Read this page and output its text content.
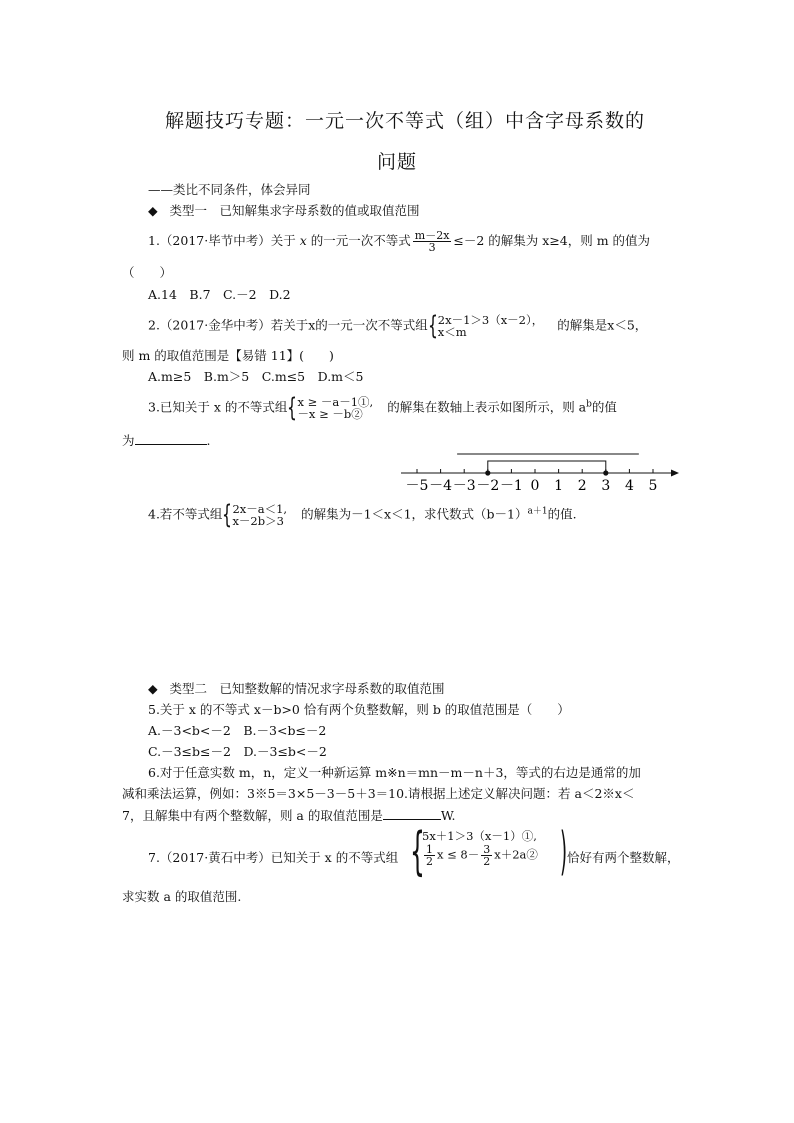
解题技巧专题：一元一次不等式（组）中含字母系数的
问题
——类比不同条件，体会异同
◆ 类型一　已知解集求字母系数的值或取值范围
1.（2017·毕节中考）关于 x 的一元一次不等式 $\frac{m-2x}{3} \le-2$ 的解集为 x≥4，则 m 的值为
（　　）
A.14　B.7　C.－2　D.2
2.（2017·金华中考）若关于x的一元一次不等式组 { 2x－1＞3（x－2），
x＜m	的解集是x＜5，
则 m 的取值范围是【易错 11】(　　)
A.m≥5　B.m＞5　C.m≤5　D.m＜5
3.已知关于 x 的不等式组 { x ≥ －a－1①,
－x ≥ －b②	的解集在数轴上表示如图所示，则 $a^b$的值
为	.
－5 －4 －3 －2 －1 0 1 2 3 4 5
4.若不等式组 { 2x－a＜1,
x－2b＞3 的解集为－1＜x＜1，求代数式$(b-1)^{a+1}$的值.
◆ 类型二　已知整数解的情况求字母系数的取值范围
5.关于 x 的不等式 x－b>0 恰有两个负整数解，则 b 的取值范围是（　　）
A.－3<b<－2　B.－3<b≤－2
C.－3≤b≤－2　D.－3≤b<－2
6.对于任意实数 m，n，定义一种新运算 m※n＝mn－m－n＋3，等式的右边是通常的加
减和乘法运算，例如：3※5＝3×5－3－5＋3＝10.请根据上述定义解决问题：若 a＜2※x＜
7，且解集中有两个整数解，则 a 的取值范围是	W.
7.（2017·黄石中考）已知关于 x 的不等式组 {
5x＋1＞3（x－1）①,
$\frac{1}{2}$ $x \le 8- \frac{3}{2}$ x＋2a② ) 恰好有两个整数解，
求实数 a 的取值范围.
